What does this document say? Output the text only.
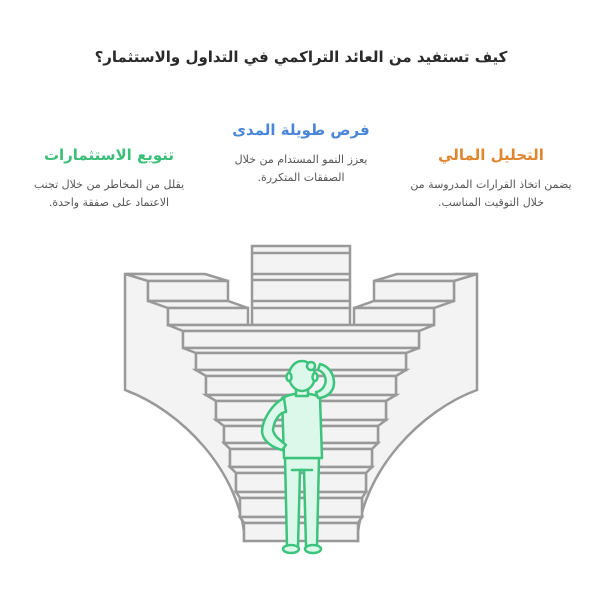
كيف تستفيد من العائد التراكمي في التداول والاستثمار؟
تنويع الاستثمارات

يقلل من المخاطر من خلال تجنب الاعتماد على صفقة واحدة.

فرص طويلة المدى

يعزز النمو المستدام من خلال الصفقات المتكررة.

التحليل المالي

يضمن اتخاذ القرارات المدروسة من خلال التوقيت المناسب.
